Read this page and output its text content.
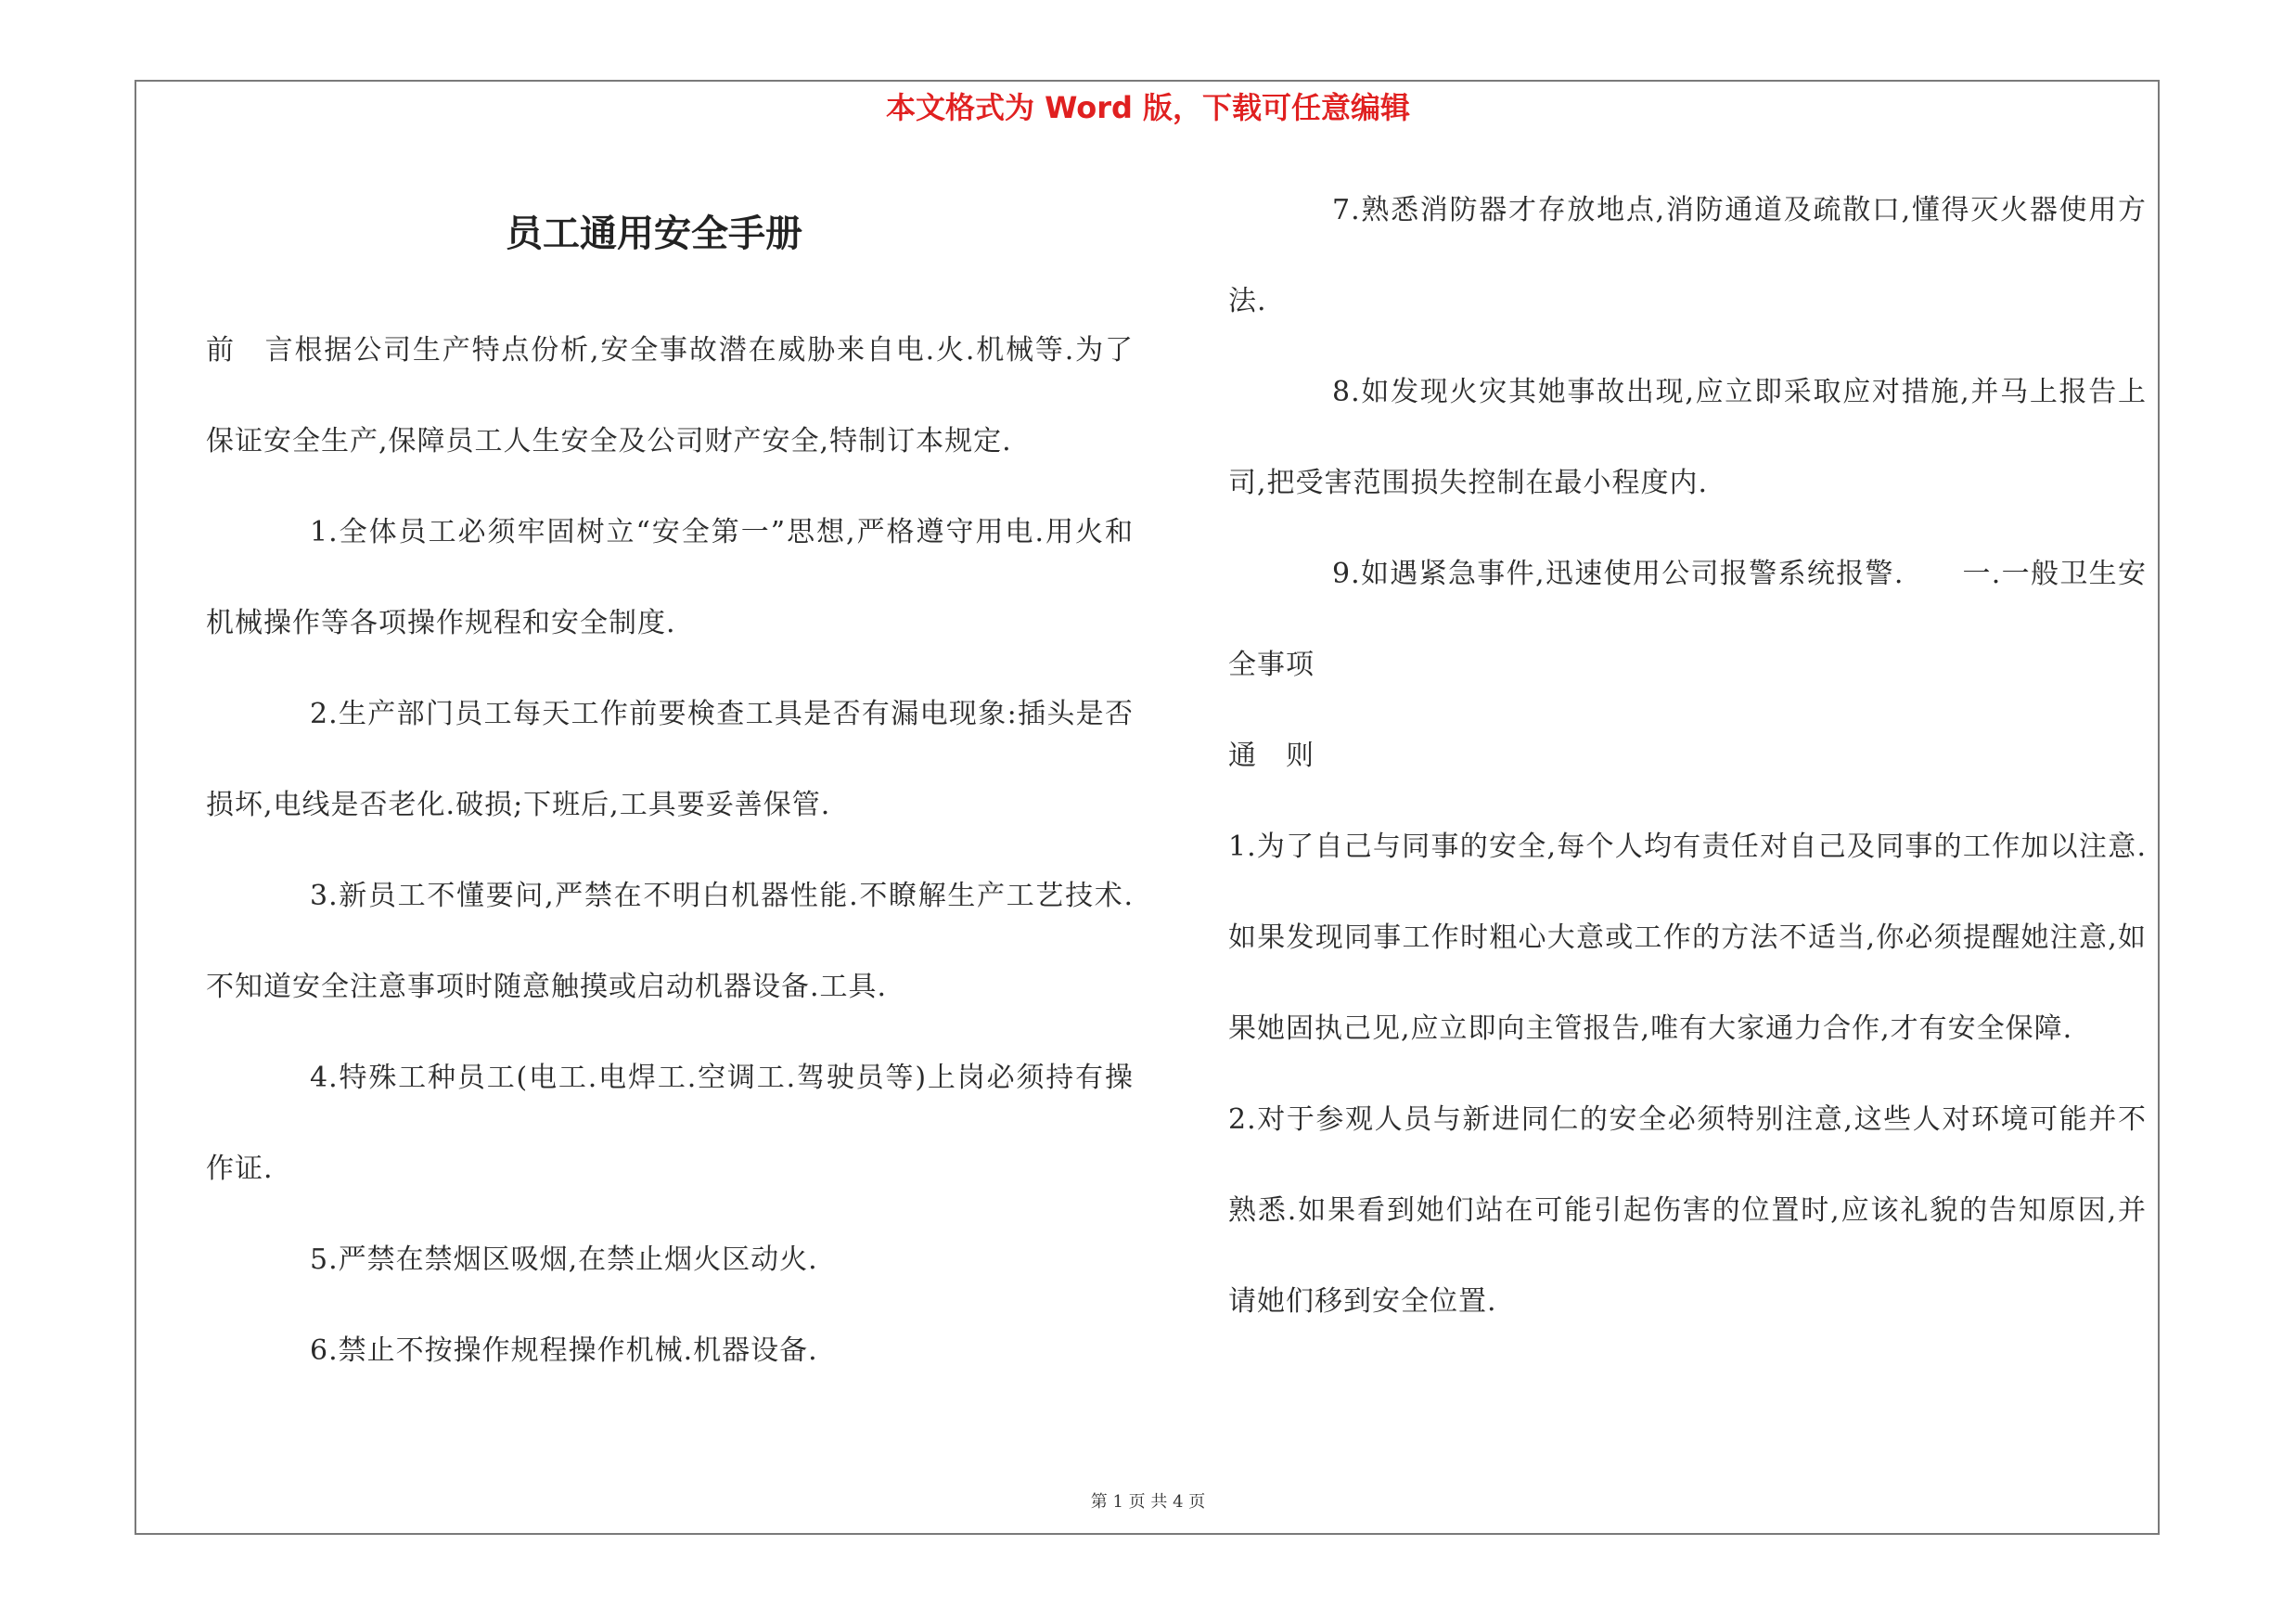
本文格式为 Word 版，下载可任意编辑
员工通用安全手册

前　言根据公司生产特点份析,安全事故潜在威胁来自电.火.机械等.为了保证安全生产,保障员工人生安全及公司财产安全,特制订本规定.

1.全体员工必须牢固树立“安全第一”思想,严格遵守用电.用火和机械操作等各项操作规程和安全制度.

2.生产部门员工每天工作前要検查工具是否有漏电现象:插头是否损坏,电线是否老化.破损;下班后,工具要妥善保管.

3.新员工不懂要问,严禁在不明白机器性能.不瞭解生产工艺技术.不知道安全注意事项时随意触摸或启动机器设备.工具.

4.特殊工种员工(电工.电焊工.空调工.驾驶员等)上岗必须持有操作证.

5.严禁在禁烟区吸烟,在禁止烟火区动火.

6.禁止不按操作规程操作机械.机器设备.

7.熟悉消防器才存放地点,消防通道及疏散口,懂得灭火器使用方法.

8.如发现火灾其她事故出现,应立即采取应对措施,并马上报告上司,把受害范围损失控制在最小程度内.

9.如遇紧急事件,迅速使用公司报警系统报警.　　一.一般卫生安全事项

通　则

1.为了自己与同事的安全,每个人均有责任对自己及同事的工作加以注意.如果发现同事工作时粗心大意或工作的方法不适当,你必须提醒她注意,如果她固执己见,应立即向主管报告,唯有大家通力合作,才有安全保障.

2.对于参观人员与新进同仁的安全必须特别注意,这些人对环境可能并不熟悉.如果看到她们站在可能引起伤害的位置时,应该礼貌的告知原因,并请她们移到安全位置.

第 1 页 共 4 页
